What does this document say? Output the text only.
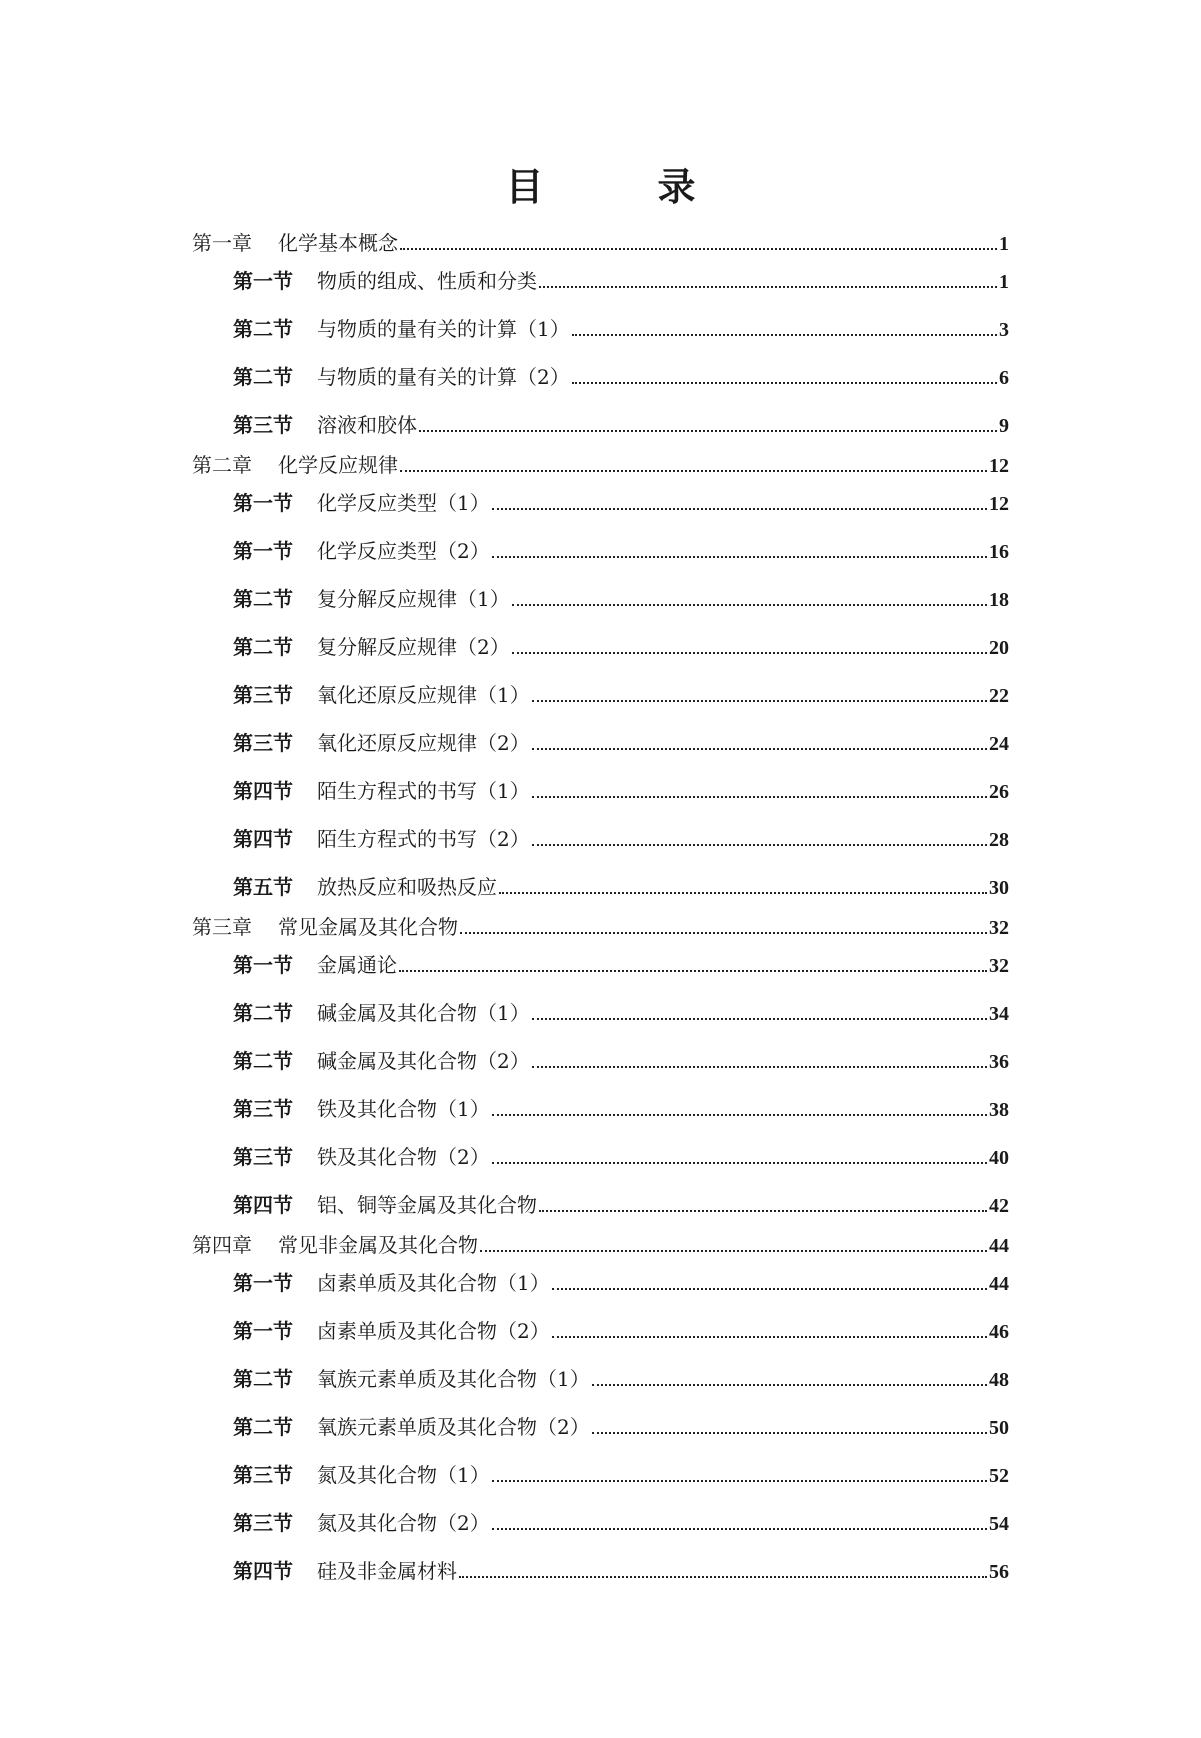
目　录
第一章	化学基本概念	1
第一节	物质的组成、性质和分类	1
第二节	与物质的量有关的计算（1）	3
第二节	与物质的量有关的计算（2）	6
第三节	溶液和胶体	9
第二章	化学反应规律	12
第一节	化学反应类型（1）	12
第一节	化学反应类型（2）	16
第二节	复分解反应规律（1）	18
第二节	复分解反应规律（2）	20
第三节	氧化还原反应规律（1）	22
第三节	氧化还原反应规律（2）	24
第四节	陌生方程式的书写（1）	26
第四节	陌生方程式的书写（2）	28
第五节	放热反应和吸热反应	30
第三章	常见金属及其化合物	32
第一节	金属通论	32
第二节	碱金属及其化合物（1）	34
第二节	碱金属及其化合物（2）	36
第三节	铁及其化合物（1）	38
第三节	铁及其化合物（2）	40
第四节	铝、铜等金属及其化合物	42
第四章	常见非金属及其化合物	44
第一节	卤素单质及其化合物（1）	44
第一节	卤素单质及其化合物（2）	46
第二节	氧族元素单质及其化合物（1）	48
第二节	氧族元素单质及其化合物（2）	50
第三节	氮及其化合物（1）	52
第三节	氮及其化合物（2）	54
第四节	硅及非金属材料	56
